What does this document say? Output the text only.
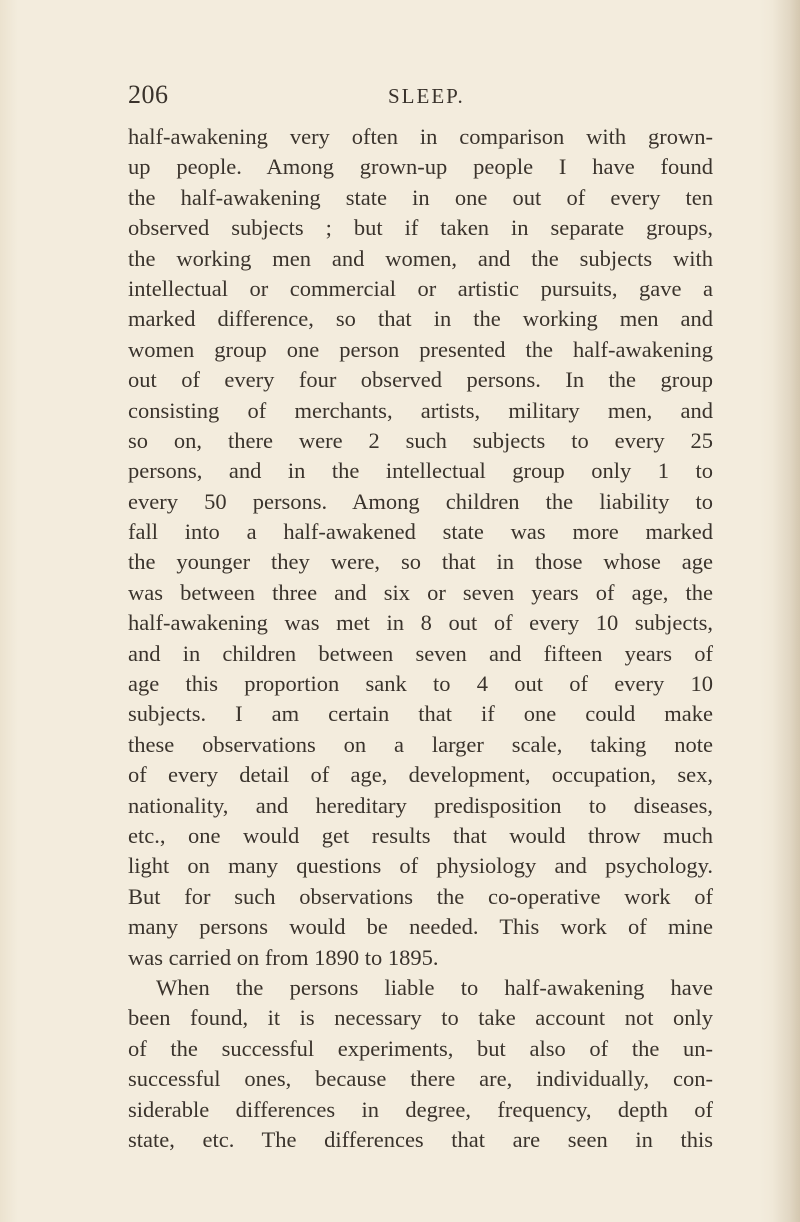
206	SLEEP.
half-awakening very often in comparison with grown-
up people. Among grown-up people I have found
the half-awakening state in one out of every ten
observed subjects ; but if taken in separate groups,
the working men and women, and the subjects with
intellectual or commercial or artistic pursuits, gave a
marked difference, so that in the working men and
women group one person presented the half-awakening
out of every four observed persons. In the group
consisting of merchants, artists, military men, and
so on, there were 2 such subjects to every 25
persons, and in the intellectual group only 1 to
every 50 persons. Among children the liability to
fall into a half-awakened state was more marked
the younger they were, so that in those whose age
was between three and six or seven years of age, the
half-awakening was met in 8 out of every 10 subjects,
and in children between seven and fifteen years of
age this proportion sank to 4 out of every 10
subjects. I am certain that if one could make
these observations on a larger scale, taking note
of every detail of age, development, occupation, sex,
nationality, and hereditary predisposition to diseases,
etc., one would get results that would throw much
light on many questions of physiology and psychology.
But for such observations the co-operative work of
many persons would be needed. This work of mine
was carried on from 1890 to 1895.
When the persons liable to half-awakening have
been found, it is necessary to take account not only
of the successful experiments, but also of the un-
successful ones, because there are, individually, con-
siderable differences in degree, frequency, depth of
state, etc. The differences that are seen in this
